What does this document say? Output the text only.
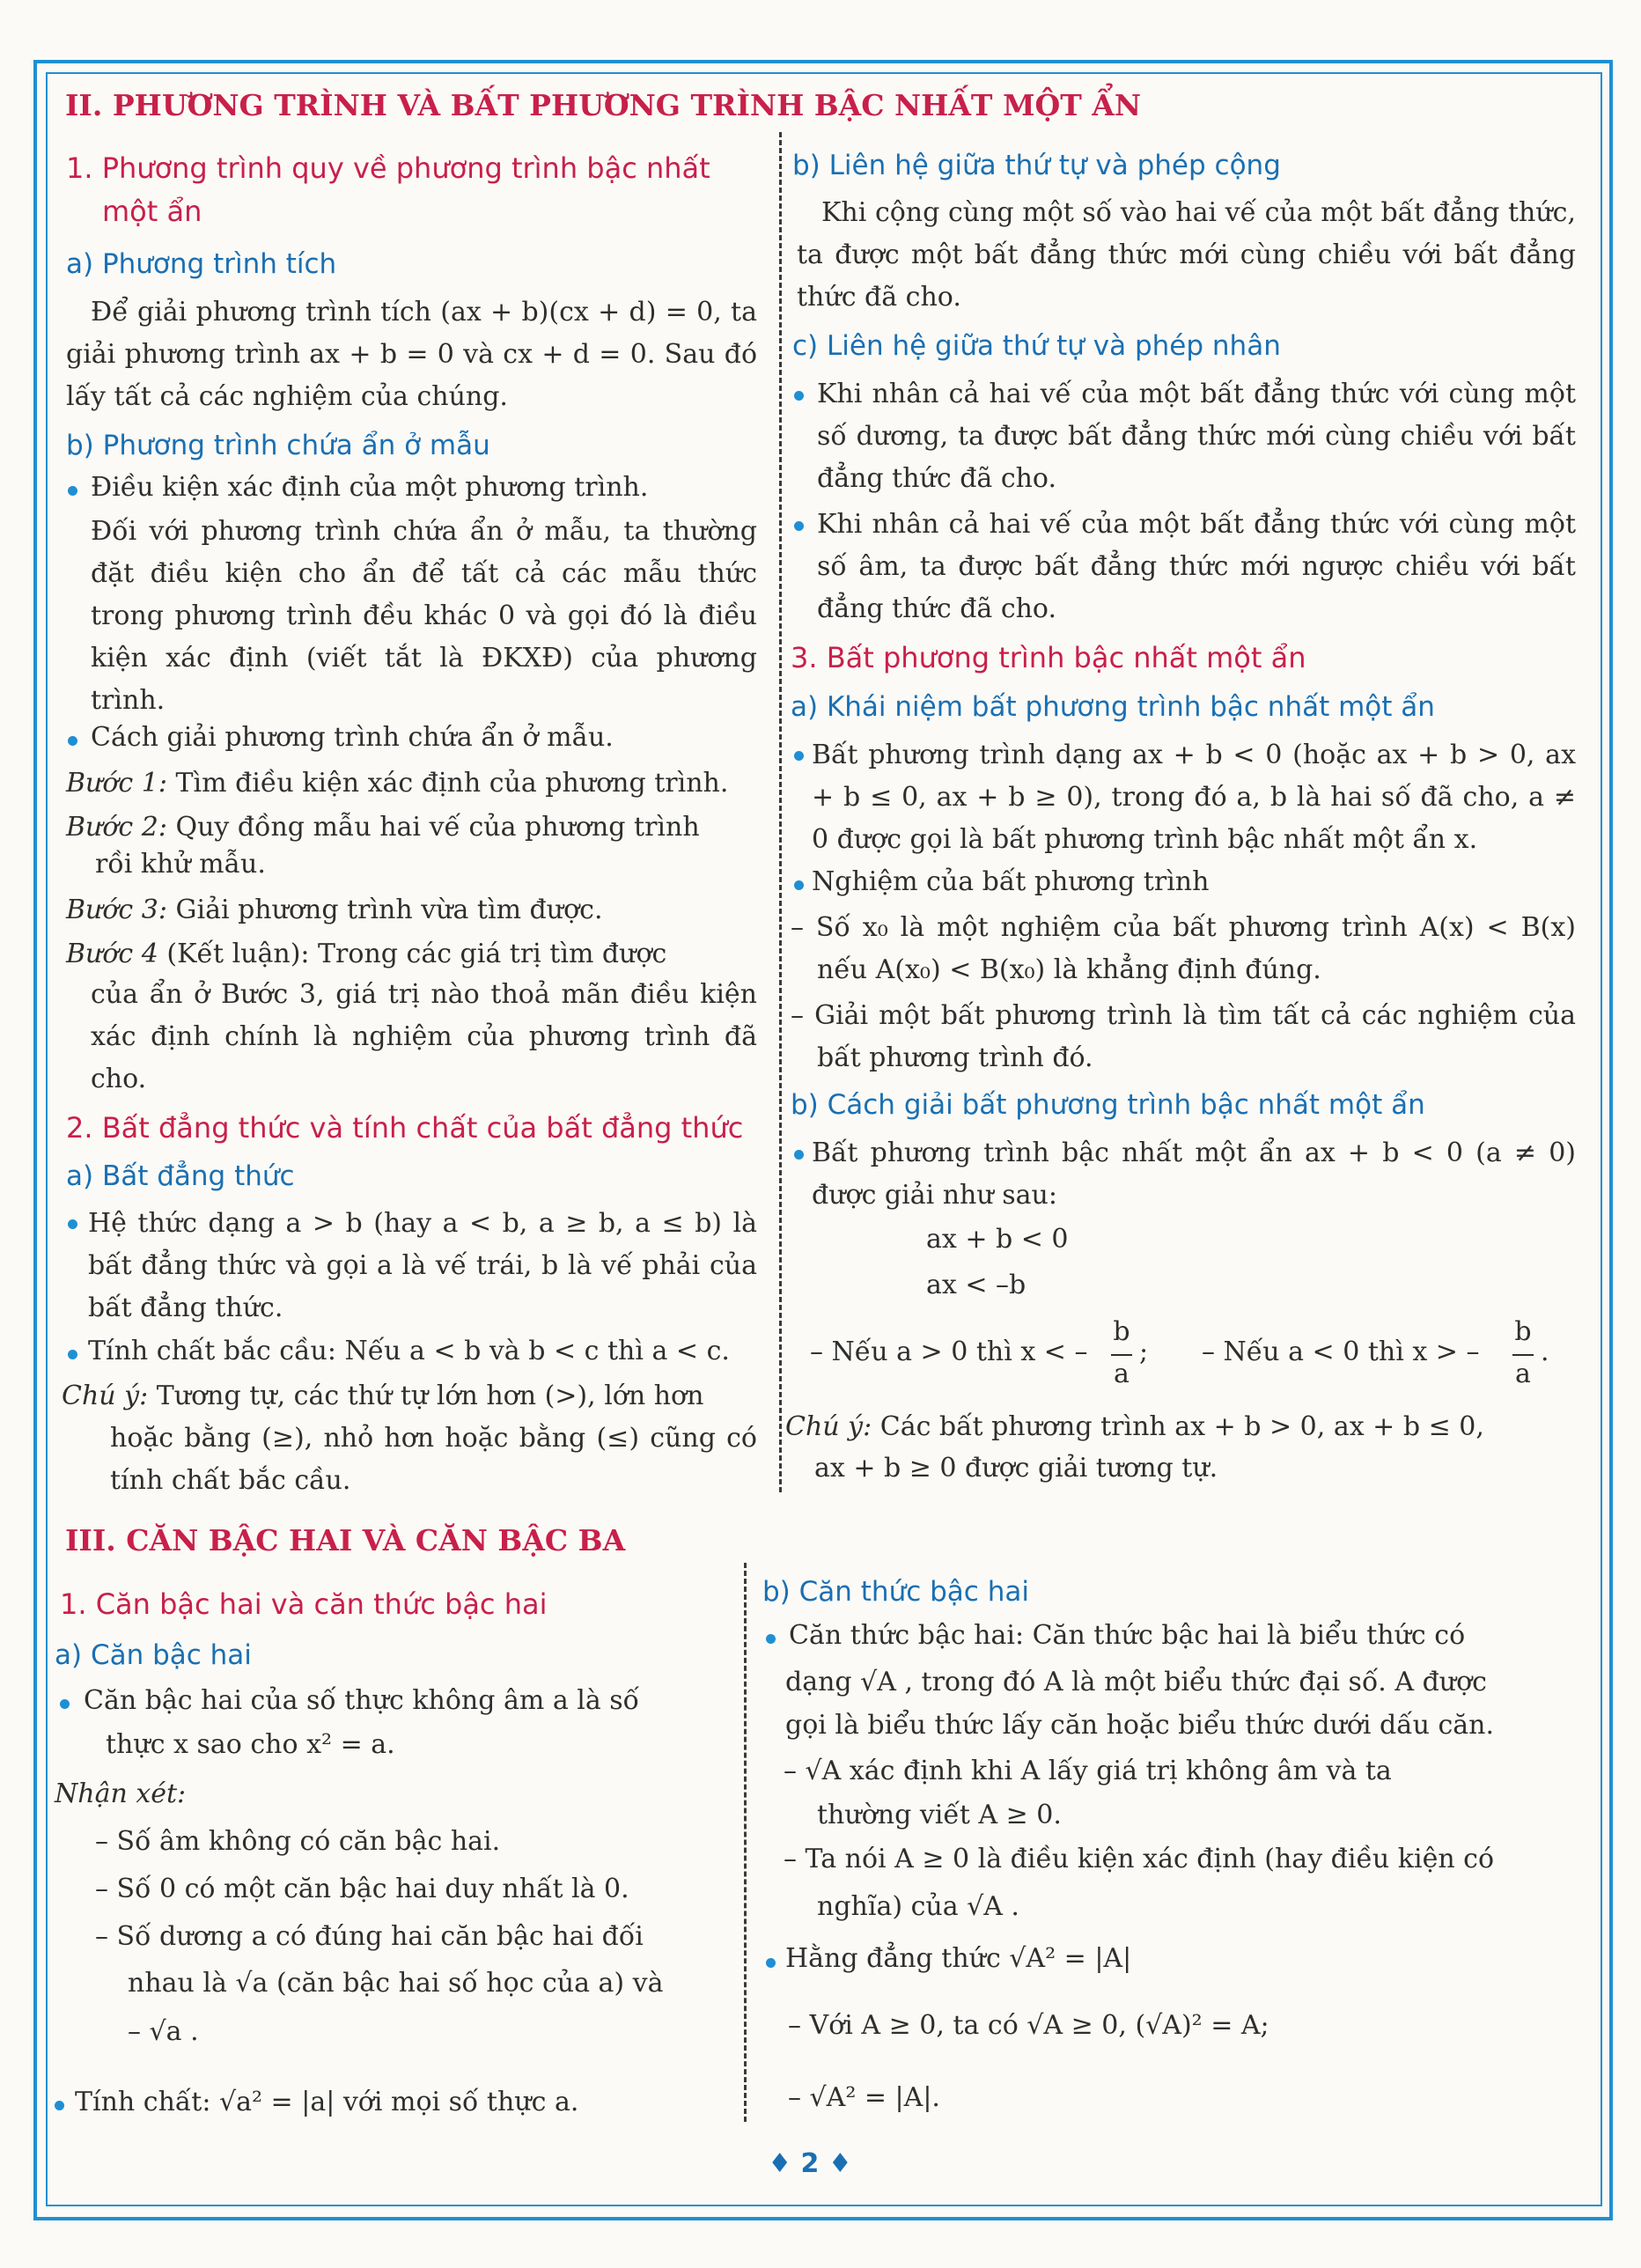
II. PHƯƠNG TRÌNH VÀ BẤT PHƯƠNG TRÌNH BẬC NHẤT MỘT ẨN
1. Phương trình quy về phương trình bậc nhất
một ẩn
a) Phương trình tích
Để giải phương trình tích (ax + b)(cx + d) = 0, ta giải phương trình ax + b = 0 và cx + d = 0. Sau đó lấy tất cả các nghiệm của chúng.
b) Phương trình chứa ẩn ở mẫu
Điều kiện xác định của một phương trình.
Đối với phương trình chứa ẩn ở mẫu, ta thường đặt điều kiện cho ẩn để tất cả các mẫu thức trong phương trình đều khác 0 và gọi đó là điều kiện xác định (viết tắt là ĐKXĐ) của phương trình.
Cách giải phương trình chứa ẩn ở mẫu.
Bước 1: Tìm điều kiện xác định của phương trình.
Bước 2: Quy đồng mẫu hai vế của phương trình
rồi khử mẫu.
Bước 3: Giải phương trình vừa tìm được.
Bước 4 (Kết luận): Trong các giá trị tìm được
của ẩn ở Bước 3, giá trị nào thoả mãn điều kiện xác định chính là nghiệm của phương trình đã cho.
2. Bất đẳng thức và tính chất của bất đẳng thức
a) Bất đẳng thức
Hệ thức dạng a > b (hay a < b, a ≥ b, a ≤ b) là bất đẳng thức và gọi a là vế trái, b là vế phải của bất đẳng thức.
Tính chất bắc cầu: Nếu a < b và b < c thì a < c.
Chú ý: Tương tự, các thứ tự lớn hơn (>), lớn hơn
hoặc bằng (≥), nhỏ hơn hoặc bằng (≤) cũng có tính chất bắc cầu.
b) Liên hệ giữa thứ tự và phép cộng
Khi cộng cùng một số vào hai vế của một bất đẳng thức, ta được một bất đẳng thức mới cùng chiều với bất đẳng thức đã cho.
c) Liên hệ giữa thứ tự và phép nhân
Khi nhân cả hai vế của một bất đẳng thức với cùng một số dương, ta được bất đẳng thức mới cùng chiều với bất đẳng thức đã cho.
Khi nhân cả hai vế của một bất đẳng thức với cùng một số âm, ta được bất đẳng thức mới ngược chiều với bất đẳng thức đã cho.
3. Bất phương trình bậc nhất một ẩn
a) Khái niệm bất phương trình bậc nhất một ẩn
Bất phương trình dạng ax + b < 0 (hoặc ax + b > 0, ax + b ≤ 0, ax + b ≥ 0), trong đó a, b là hai số đã cho, a ≠ 0 được gọi là bất phương trình bậc nhất một ẩn x.
Nghiệm của bất phương trình
– Số x₀ là một nghiệm của bất phương trình A(x) < B(x) nếu A(x₀) < B(x₀) là khẳng định đúng.
– Giải một bất phương trình là tìm tất cả các nghiệm của bất phương trình đó.
b) Cách giải bất phương trình bậc nhất một ẩn
Bất phương trình bậc nhất một ẩn ax + b < 0 (a ≠ 0) được giải như sau:
ax + b < 0
ax < –b
– Nếu a > 0 thì x < –
b
a
; – Nếu a < 0 thì x > –
b
a
.
Chú ý: Các bất phương trình ax + b > 0, ax + b ≤ 0,
ax + b ≥ 0 được giải tương tự.
III. CĂN BẬC HAI VÀ CĂN BẬC BA
1. Căn bậc hai và căn thức bậc hai
a) Căn bậc hai
Căn bậc hai của số thực không âm a là số
thực x sao cho x² = a.
Nhận xét:
– Số âm không có căn bậc hai.
– Số 0 có một căn bậc hai duy nhất là 0.
– Số dương a có đúng hai căn bậc hai đối
nhau là √a (căn bậc hai số học của a) và
– √a .
Tính chất: √a² = |a| với mọi số thực a.
b) Căn thức bậc hai
Căn thức bậc hai: Căn thức bậc hai là biểu thức có
dạng √A , trong đó A là một biểu thức đại số. A được
gọi là biểu thức lấy căn hoặc biểu thức dưới dấu căn.
– √A xác định khi A lấy giá trị không âm và ta
thường viết A ≥ 0.
– Ta nói A ≥ 0 là điều kiện xác định (hay điều kiện có
nghĩa) của √A .
Hằng đẳng thức √A² = |A|
– Với A ≥ 0, ta có √A ≥ 0, (√A)² = A;
– √A² = |A|.
♦ 2 ♦
